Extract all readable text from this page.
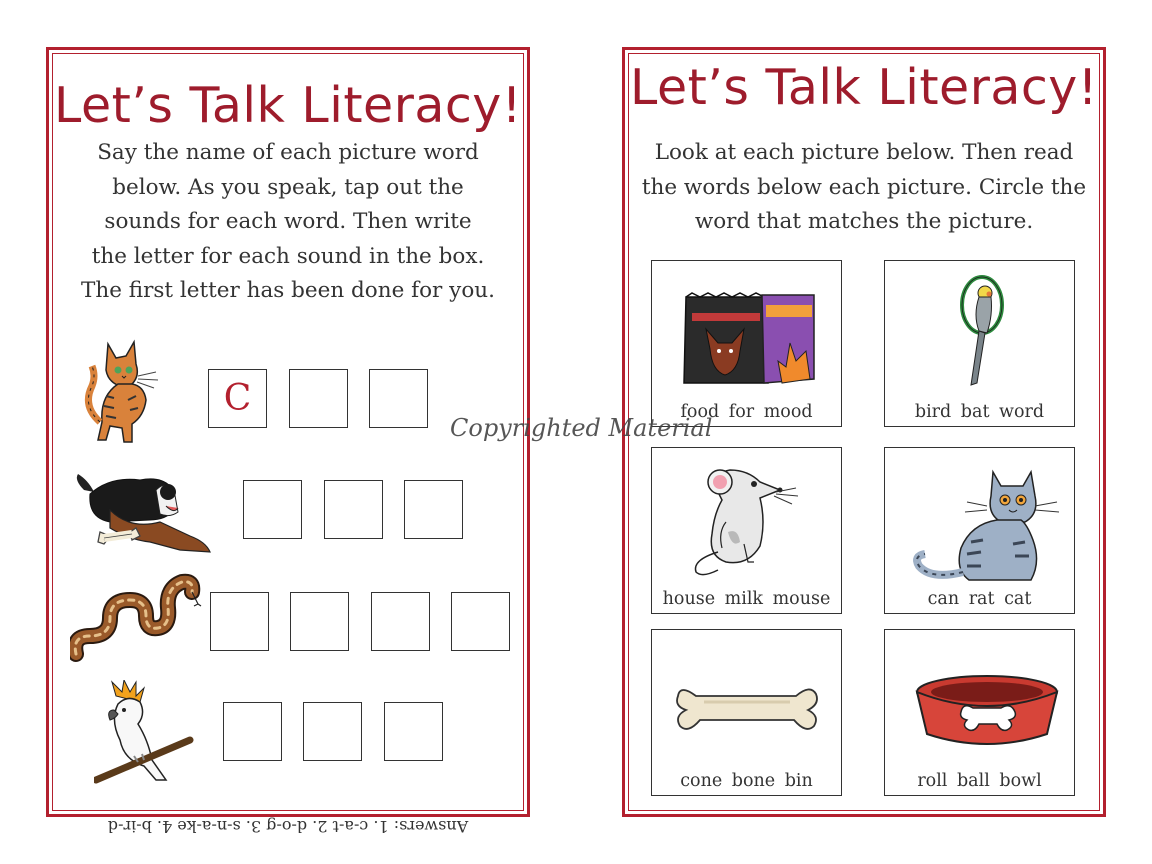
Let’s Talk Literacy!
Say the name of each picture word
below. As you speak, tap out the
sounds for each word. Then write
the letter for each sound in the box.
The first letter has been done for you.
C
Answers: 1. c-a-t 2. d-o-g 3. s-n-a-ke 4. b-ir-d
Let’s Talk Literacy!
Look at each picture below. Then read
the words below each picture. Circle the
word that matches the picture.
food for mood	bird bat word
house milk mouse	can rat cat
cone bone bin	roll ball bowl
Copyrighted Material
